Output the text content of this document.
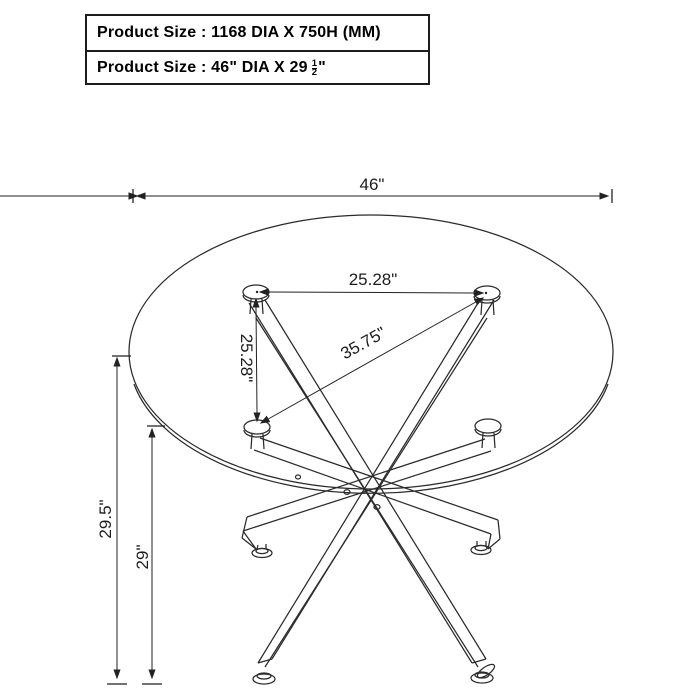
Product Size : 1168 DIA X 750H (MM)
Product Size : 46" DIA X $29 \frac{1}{2}$ "
46"
25.28"
25.28"	35.75"
29.5"
29"
